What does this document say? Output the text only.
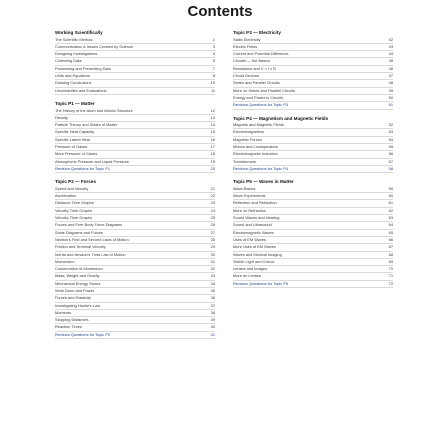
Contents
Working Scientifically
The Scientific Method	2
Communication & Issues Created by Science	3
Designing Investigations	4
Collecting Data	5
Processing and Presenting Data	7
Units and Equations	8
Drawing Conclusions	10
Uncertainties and Evaluations	11
Topic P1 — Matter
The History of the Atom and Atomic Structure	12
Density	13
Particle Theory and States of Matter	14
Specific Heat Capacity	15
Specific Latent Heat	16
Pressure of Gases	17
More Pressure of Gases	18
Atmospheric Pressure and Liquid Pressure	19
Revision Questions for Topic P1	20
Topic P2 — Forces
Speed and Velocity	21
Acceleration	22
Distance-Time Graphs	23
Velocity-Time Graphs	24
Velocity-Time Graphs	25
Forces and Free Body Force Diagrams	26
Scale Diagrams and Forces	27
Newton's First and Second Laws of Motion	28
Friction and Terminal Velocity	29
Inertia and Newton's Third Law of Motion	30
Momentum	31
Conservation of Momentum	32
Mass, Weight and Gravity	33
Mechanical Energy Stores	34
Work Done and Power	35
Forces and Elasticity	36
Investigating Hooke's Law	37
Moments	38
Stopping Distances	39
Reaction Times	40
Revision Questions for Topic P2	41
Topic P3 — Electricity
Static Electricity	42
Electric Fields	43
Current and Potential Difference	44
Circuits — the Basics	45
Resistance and V = I x R	46
Circuit Devices	47
Series and Parallel Circuits	48
More on Series and Parallel Circuits	49
Energy and Power in Circuits	50
Revision Questions for Topic P3	51
Topic P4 — Magnetism and Magnetic Fields
Magnets and Magnetic Fields	52
Electromagnetism	53
Magnetic Forces	54
Motors and Loudspeakers	55
Electromagnetic Induction	56
Transformers	57
Revision Questions for Topic P4	58
Topic P5 — Waves in Matter
Wave Basics	59
Wave Experiments	60
Reflection and Refraction	61
More on Refraction	62
Sound Waves and Hearing	63
Sound and Ultrasound	64
Electromagnetic Waves	65
Uses of EM Waves	66
More Uses of EM Waves	67
Waves and Medical Imaging	68
Visible Light and Colour	69
Lenses and Images	70
More on Lenses	71
Revision Questions for Topic P5	72
